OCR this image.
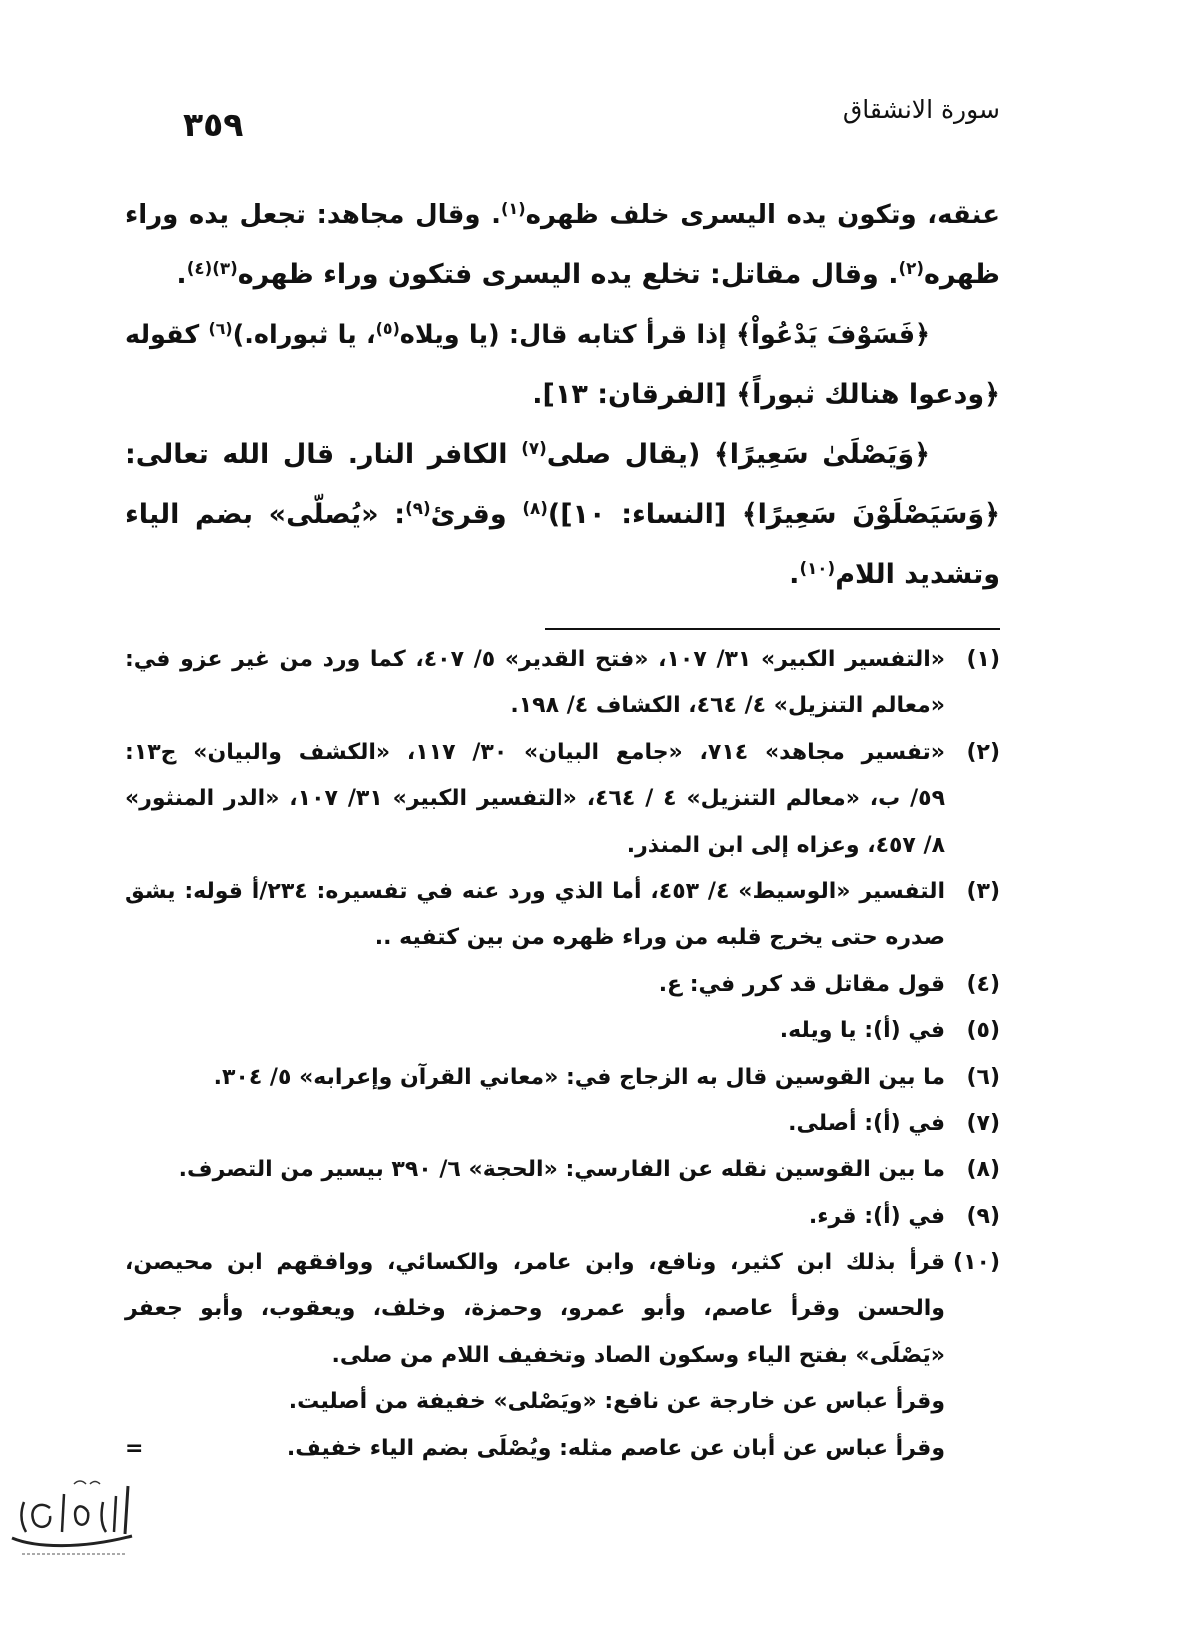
سورة الانشقاق
٣٥٩
عنقه، وتكون يده اليسرى خلف ظهره$^{(١)}$. وقال مجاهد: تجعل يده وراء
ظهره$^{(٢)}$. وقال مقاتل: تخلع يده اليسرى فتكون وراء ظهره$^{(٣)(٤)}$.
﴿فَسَوْفَ يَدْعُواْ﴾ إذا قرأ كتابه قال: (يا ويلاه$^{(٥)}$، يا ثبوراه.)$^{(٦)}$ كقوله
﴿ودعوا هنالك ثبوراً﴾ [الفرقان: ١٣].
﴿وَيَصْلَىٰ سَعِيرًا﴾ (يقال صلى$^{(٧)}$ الكافر النار. قال الله تعالى:
﴿وَسَيَصْلَوْنَ سَعِيرًا﴾ [النساء: ١٠])$^{(٨)}$ وقرئ$^{(٩)}$: «يُصلّى» بضم الياء
وتشديد اللام$^{(١٠)}$.
(١)
«التفسير الكبير» ٣١/ ١٠٧، «فتح القدير» ٥/ ٤٠٧، كما ورد من غير عزو في:
«معالم التنزيل» ٤/ ٤٦٤، الكشاف ٤/ ١٩٨.
(٢)
«تفسير مجاهد» ٧١٤، «جامع البيان» ٣٠/ ١١٧، «الكشف والبيان» ج١٣:
٥٩/ ب، «معالم التنزيل» ٤ / ٤٦٤، «التفسير الكبير» ٣١/ ١٠٧، «الدر المنثور»
٨/ ٤٥٧، وعزاه إلى ابن المنذر.
(٣)
التفسير «الوسيط» ٤/ ٤٥٣، أما الذي ورد عنه في تفسيره: ٢٣٤/أ قوله: يشق
صدره حتى يخرج قلبه من وراء ظهره من بين كتفيه ..
(٤)
قول مقاتل قد كرر في: ع.
(٥)
في (أ): يا ويله.
(٦)
ما بين القوسين قال به الزجاج في: «معاني القرآن وإعرابه» ٥/ ٣٠٤.
(٧)
في (أ): أصلى.
(٨)
ما بين القوسين نقله عن الفارسي: «الحجة» ٦/ ٣٩٠ بيسير من التصرف.
(٩)
في (أ): قرء.
(١٠)
قرأ بذلك ابن كثير، ونافع، وابن عامر، والكسائي، ووافقهم ابن محيصن،
والحسن وقرأ عاصم، وأبو عمرو، وحمزة، وخلف، ويعقوب، وأبو جعفر
«يَصْلَى» بفتح الياء وسكون الصاد وتخفيف اللام من صلى.
وقرأ عباس عن خارجة عن نافع: «ويَصْلى» خفيفة من أصليت.
وقرأ عباس عن أبان عن عاصم مثله: ويُصْلَى بضم الياء خفيف.
=
